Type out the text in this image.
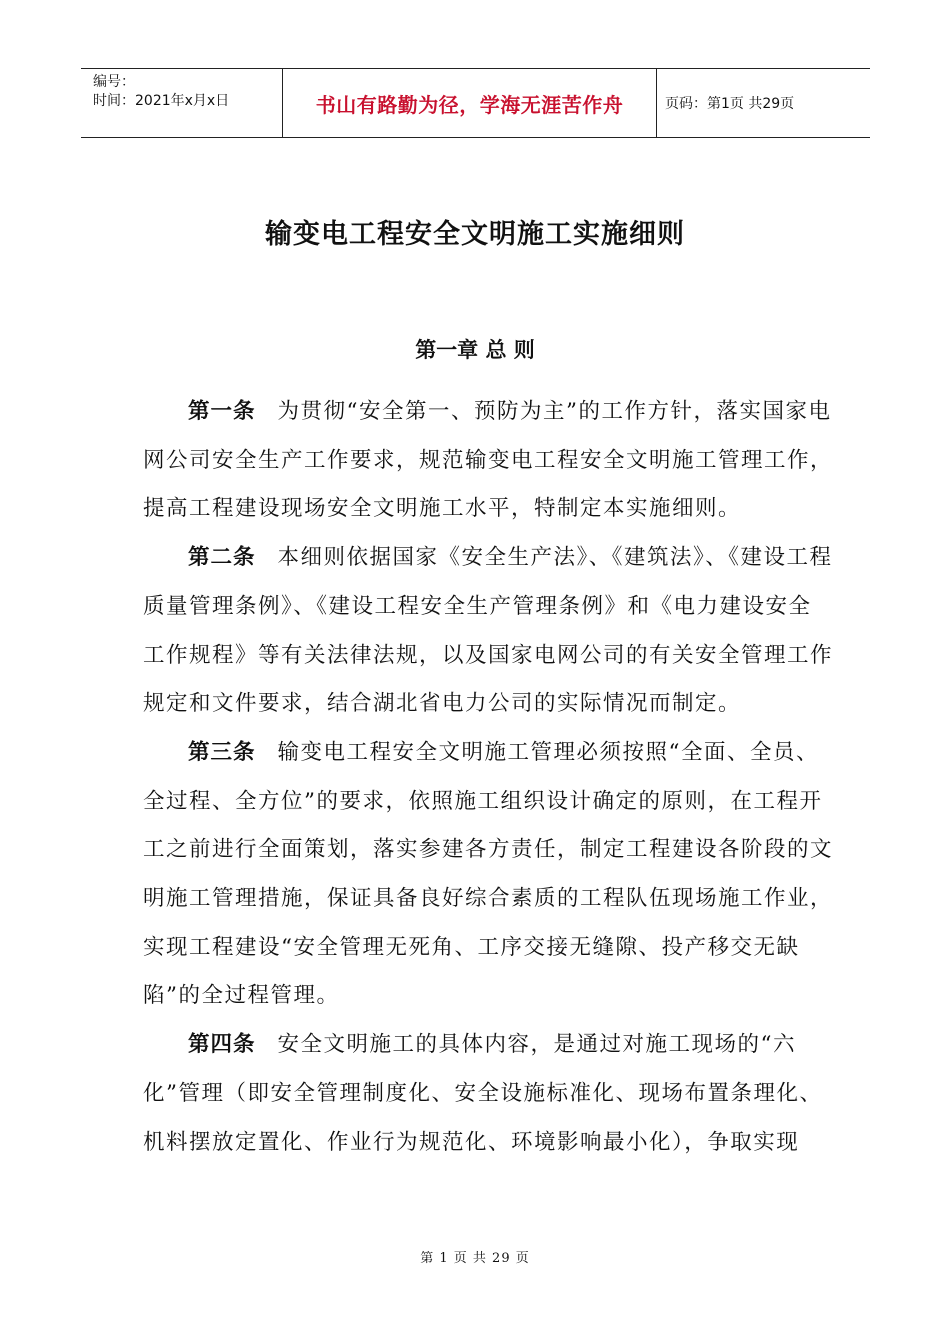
编号：
时间：2021年x月x日	书山有路勤为径，学海无涯苦作舟	页码：第1页 共29页
输变电工程安全文明施工实施细则
第一章 总 则

第一条 为贯彻“安全第一、预防为主”的工作方针，落实国家电网公司安全生产工作要求，规范输变电工程安全文明施工管理工作，提高工程建设现场安全文明施工水平，特制定本实施细则。

第二条 本细则依据国家《安全生产法》、《建筑法》、《建设工程质量管理条例》、《建设工程安全生产管理条例》和《电力建设安全工作规程》等有关法律法规，以及国家电网公司的有关安全管理工作规定和文件要求，结合湖北省电力公司的实际情况而制定。

第三条 输变电工程安全文明施工管理必须按照“全面、全员、全过程、全方位”的要求，依照施工组织设计确定的原则，在工程开工之前进行全面策划，落实参建各方责任，制定工程建设各阶段的文明施工管理措施，保证具备良好综合素质的工程队伍现场施工作业，实现工程建设“安全管理无死角、工序交接无缝隙、投产移交无缺陷”的全过程管理。

第四条 安全文明施工的具体内容，是通过对施工现场的“六化”管理（即安全管理制度化、安全设施标准化、现场布置条理化、机料摆放定置化、作业行为规范化、环境影响最小化），争取实现

第 1 页 共 29 页
